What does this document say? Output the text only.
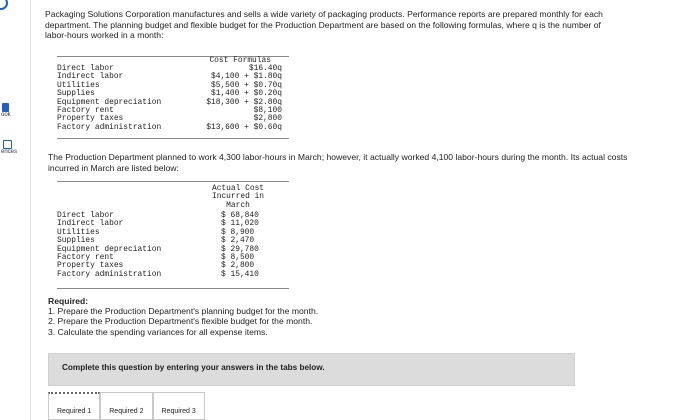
ook
ences

Packaging Solutions Corporation manufactures and sells a wide variety of packaging products. Performance reports are prepared monthly for each department. The planning budget and flexible budget for the Production Department are based on the following formulas, where q is the number of labor-hours worked in a month:

Cost Formulas
Direct labor
Indirect labor
Utilities
Supplies
Equipment depreciation
Factory rent
Property taxes
Factory administration
$16.40q
$4,100 + $1.80q
$5,500 + $0.70q
$1,400 + $0.20q
$18,300 + $2.80q
$8,100
$2,800
$13,600 + $0.60q

The Production Department planned to work 4,300 labor-hours in March; however, it actually worked 4,100 labor-hours during the month. Its actual costs incurred in March are listed below:

Actual Cost
Incurred in
March
Direct labor
Indirect labor
Utilities
Supplies
Equipment depreciation
Factory rent
Property taxes
Factory administration
$ 68,840
$ 11,020
$ 8,900
$ 2,470
$ 29,780
$ 8,500
$ 2,800
$ 15,410
Required:
1. Prepare the Production Department's planning budget for the month.
2. Prepare the Production Department's flexible budget for the month.
3. Calculate the spending variances for all expense items.
Complete this question by entering your answers in the tabs below.
Required 1	Required 2	Required 3
